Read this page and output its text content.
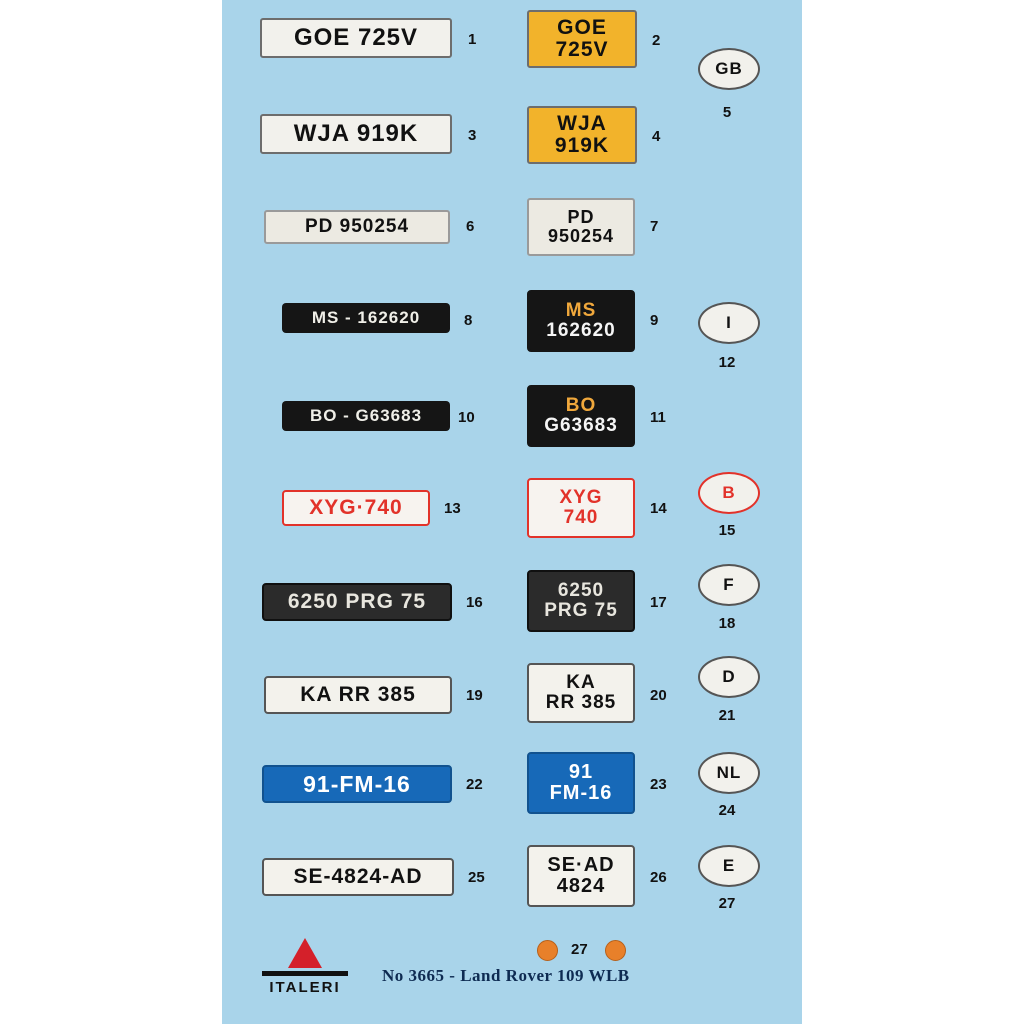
GOE 725V	1
GOE
725V	2
GB
5
WJA 919K	3
WJA
919K	4
PD 950254	6	PD
950254 7
MS - 162620	8	MS
162620 9	I
12
BO - G63683 10
BO
G63683 11
XYG·740	13
XYG
740	14
B
15
6250 PRG 75	16
6250
PRG 75 17
F
18
KA RR 385	19
KA
RR 385 20
D
21
91-FM-16	22
91
FM-16	23
NL
24
SE-4824-AD	25
SE·AD
4824	26
E
27
27
ITALERI
No 3665 - Land Rover 109 WLB
